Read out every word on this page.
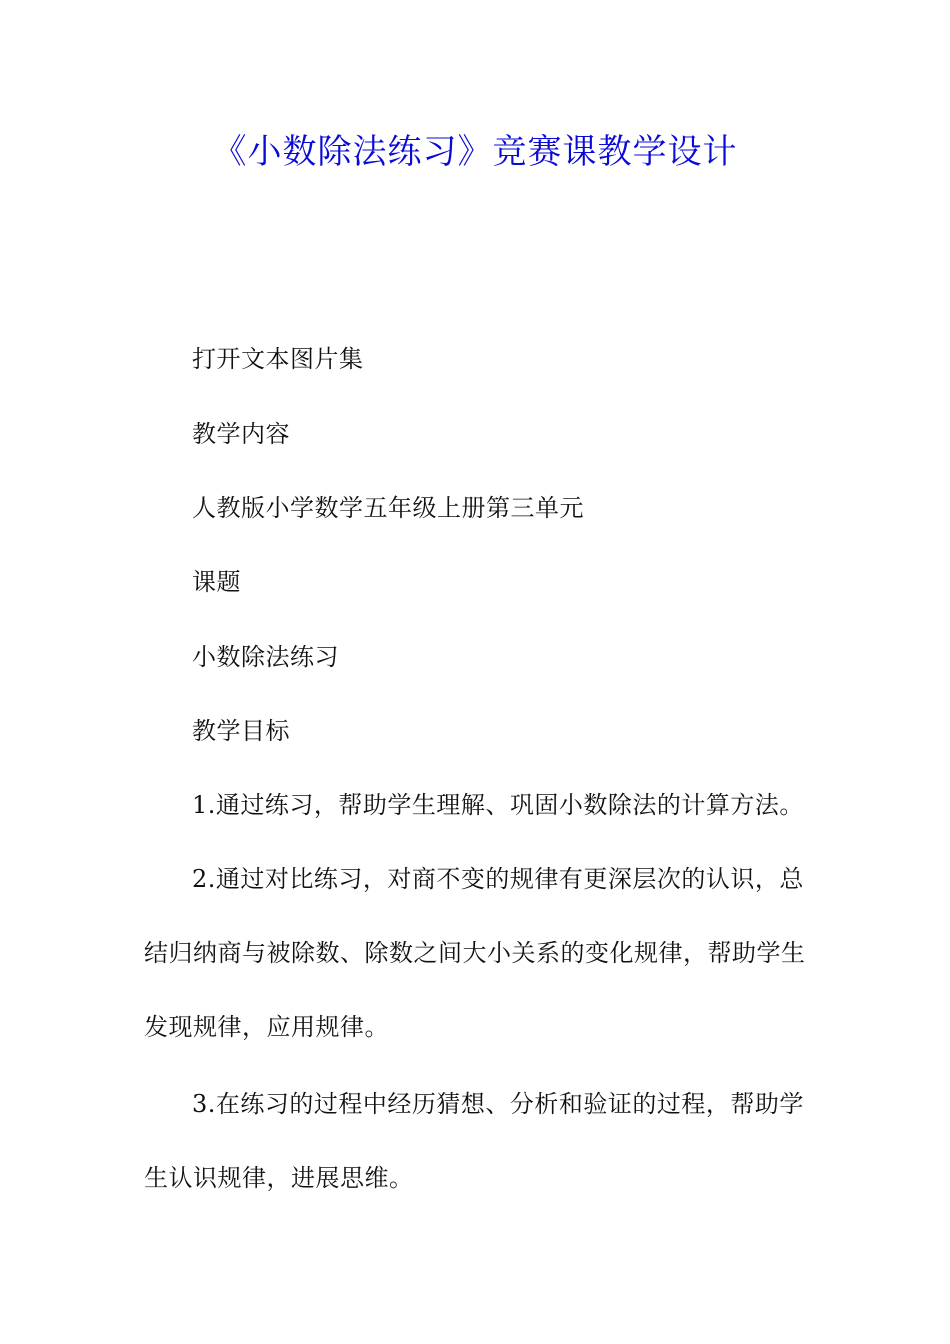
《小数除法练习》竞赛课教学设计

打开文本图片集

教学内容

人教版小学数学五年级上册第三单元

课题

小数除法练习

教学目标

1.通过练习，帮助学生理解、巩固小数除法的计算方法。

2.通过对比练习，对商不变的规律有更深层次的认识，总结归纳商与被除数、除数之间大小关系的变化规律，帮助学生发现规律，应用规律。

3.在练习的过程中经历猜想、分析和验证的过程，帮助学生认识规律，进展思维。
